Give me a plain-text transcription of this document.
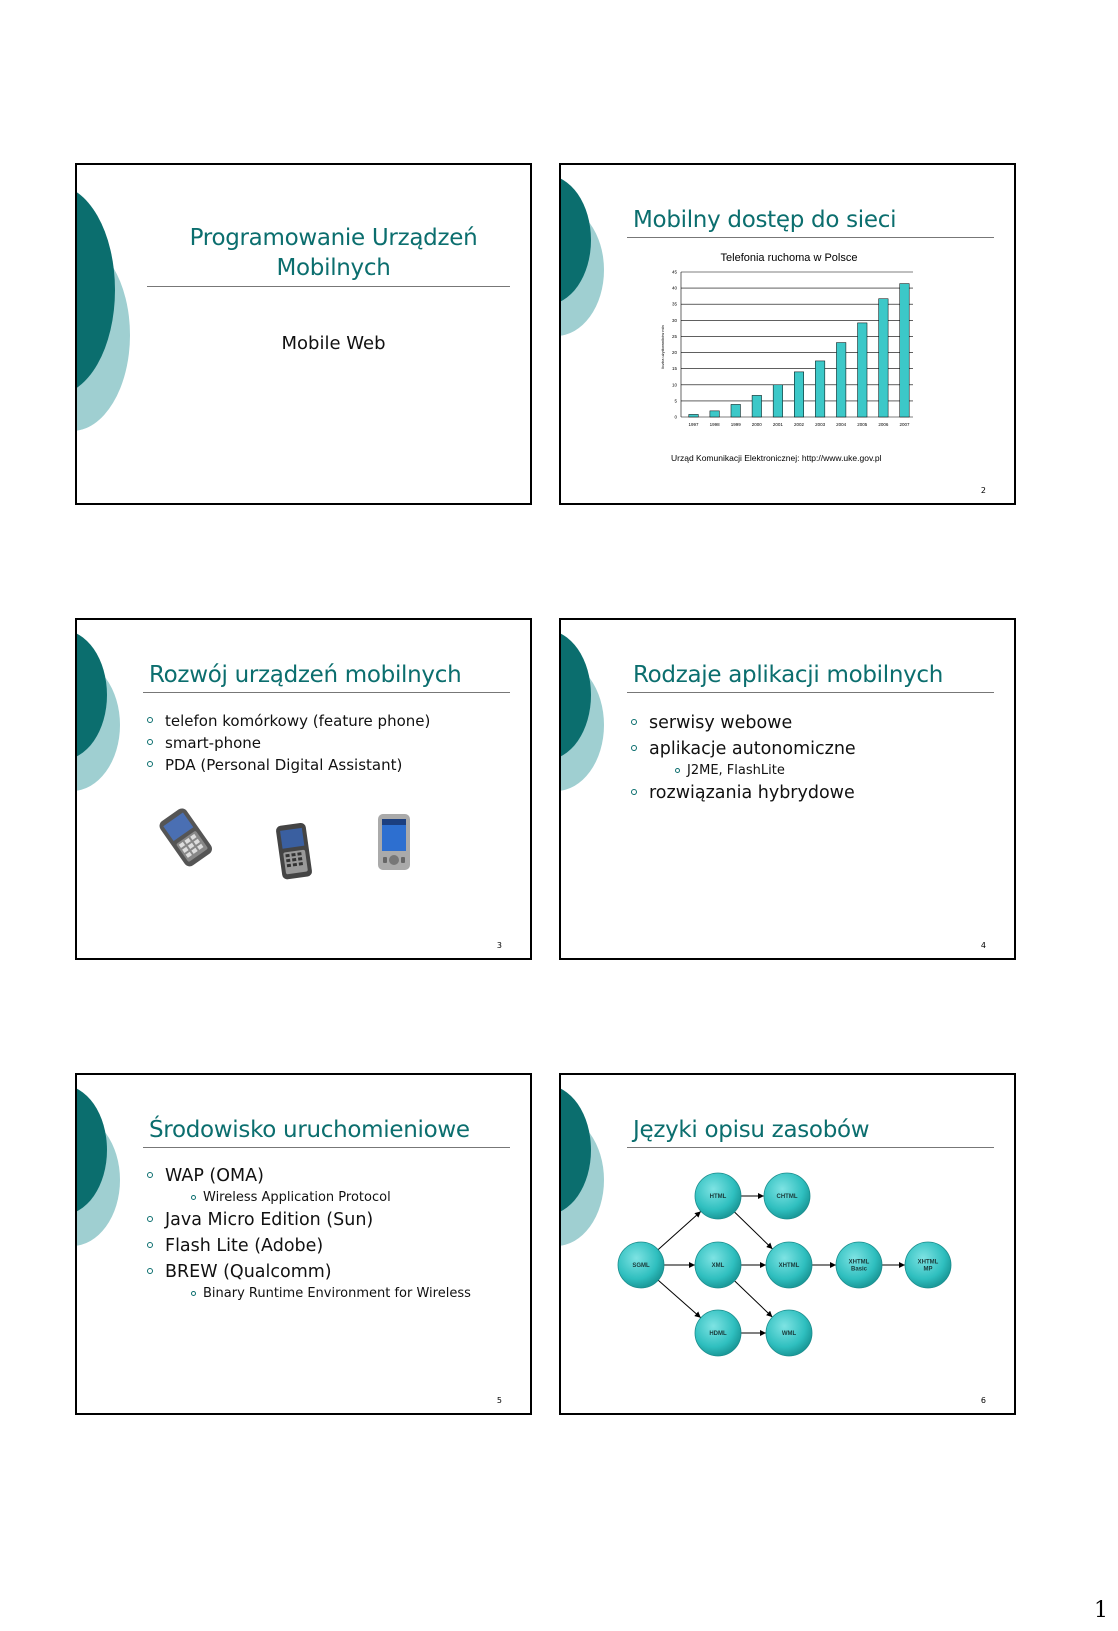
Programowanie Urządzeń Mobilnych
Mobile Web
Mobilny dostęp do sieci
Telefonia ruchoma w Polsce
liczba użytkowników mln
0
5
10
15
20
25
30
35
40
45
1997 1998 1999 2000 2001 2002 2003 2004 2005 2006 2007
Urząd Komunikacji Elektronicznej: http://www.uke.gov.pl
2
Rozwój urządzeń mobilnych
telefon komórkowy (feature phone)
smart-phone
PDA (Personal Digital Assistant)
3
Rodzaje aplikacji mobilnych
serwisy webowe
aplikacje autonomiczne
J2ME, FlashLite
rozwiązania hybrydowe
4
Środowisko uruchomieniowe
WAP (OMA)
Wireless Application Protocol
Java Micro Edition (Sun)
Flash Lite (Adobe)
BREW (Qualcomm)
Binary Runtime Environment for Wireless
5
Języki opisu zasobów
HTML	CHTML
SGML	XML	XHTML
XHTML
Basic
XHTML
MP
HDML	WML
6
1
